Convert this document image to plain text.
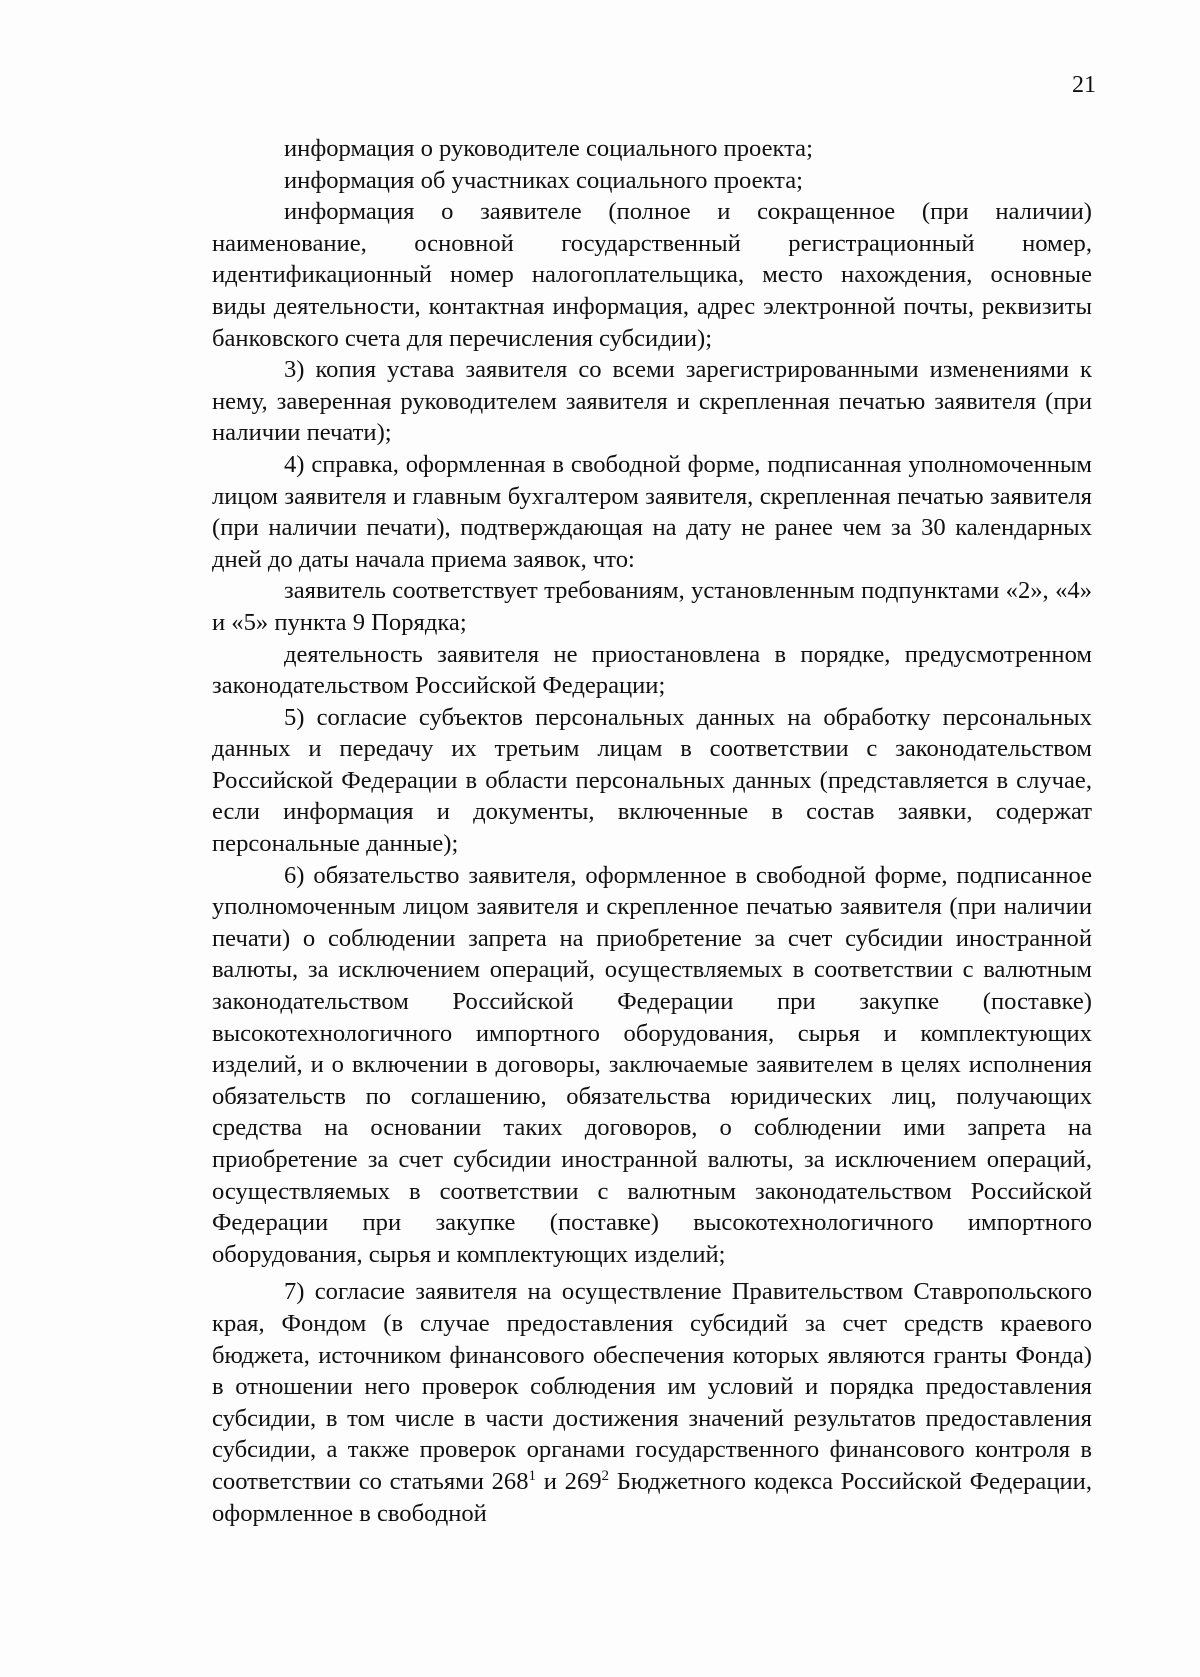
21

информация о руководителе социального проекта;

информация об участниках социального проекта;

информация о заявителе (полное и сокращенное (при наличии) наименование, основной государственный регистрационный номер, идентификационный номер налогоплательщика, место нахождения, основные виды деятельности, контактная информация, адрес электронной почты, реквизиты банковского счета для перечисления субсидии);

3) копия устава заявителя со всеми зарегистрированными изменениями к нему, заверенная руководителем заявителя и скрепленная печатью заявителя (при наличии печати);

4) справка, оформленная в свободной форме, подписанная уполномоченным лицом заявителя и главным бухгалтером заявителя, скрепленная печатью заявителя (при наличии печати), подтверждающая на дату не ранее чем за 30 календарных дней до даты начала приема заявок, что:

заявитель соответствует требованиям, установленным подпунктами «2», «4» и «5» пункта 9 Порядка;

деятельность заявителя не приостановлена в порядке, предусмотренном законодательством Российской Федерации;

5) согласие субъектов персональных данных на обработку персональных данных и передачу их третьим лицам в соответствии с законодательством Российской Федерации в области персональных данных (представляется в случае, если информация и документы, включенные в состав заявки, содержат персональные данные);

6) обязательство заявителя, оформленное в свободной форме, подписанное уполномоченным лицом заявителя и скрепленное печатью заявителя (при наличии печати) о соблюдении запрета на приобретение за счет субсидии иностранной валюты, за исключением операций, осуществляемых в соответствии с валютным законодательством Российской Федерации при закупке (поставке) высокотехнологичного импортного оборудования, сырья и комплектующих изделий, и о включении в договоры, заключаемые заявителем в целях исполнения обязательств по соглашению, обязательства юридических лиц, получающих средства на основании таких договоров, о соблюдении ими запрета на приобретение за счет субсидии иностранной валюты, за исключением операций, осуществляемых в соответствии с валютным законодательством Российской Федерации при закупке (поставке) высокотехнологичного импортного оборудования, сырья и комплектующих изделий;

7) согласие заявителя на осуществление Правительством Ставропольского края, Фондом (в случае предоставления субсидий за счет средств краевого бюджета, источником финансового обеспечения которых являются гранты Фонда) в отношении него проверок соблюдения им условий и порядка предоставления субсидии, в том числе в части достижения значений результатов предоставления субсидии, а также проверок органами государственного финансового контроля в соответствии со статьями $268^1$ и $269^2$ Бюджетного кодекса Российской Федерации, оформленное в свободной
